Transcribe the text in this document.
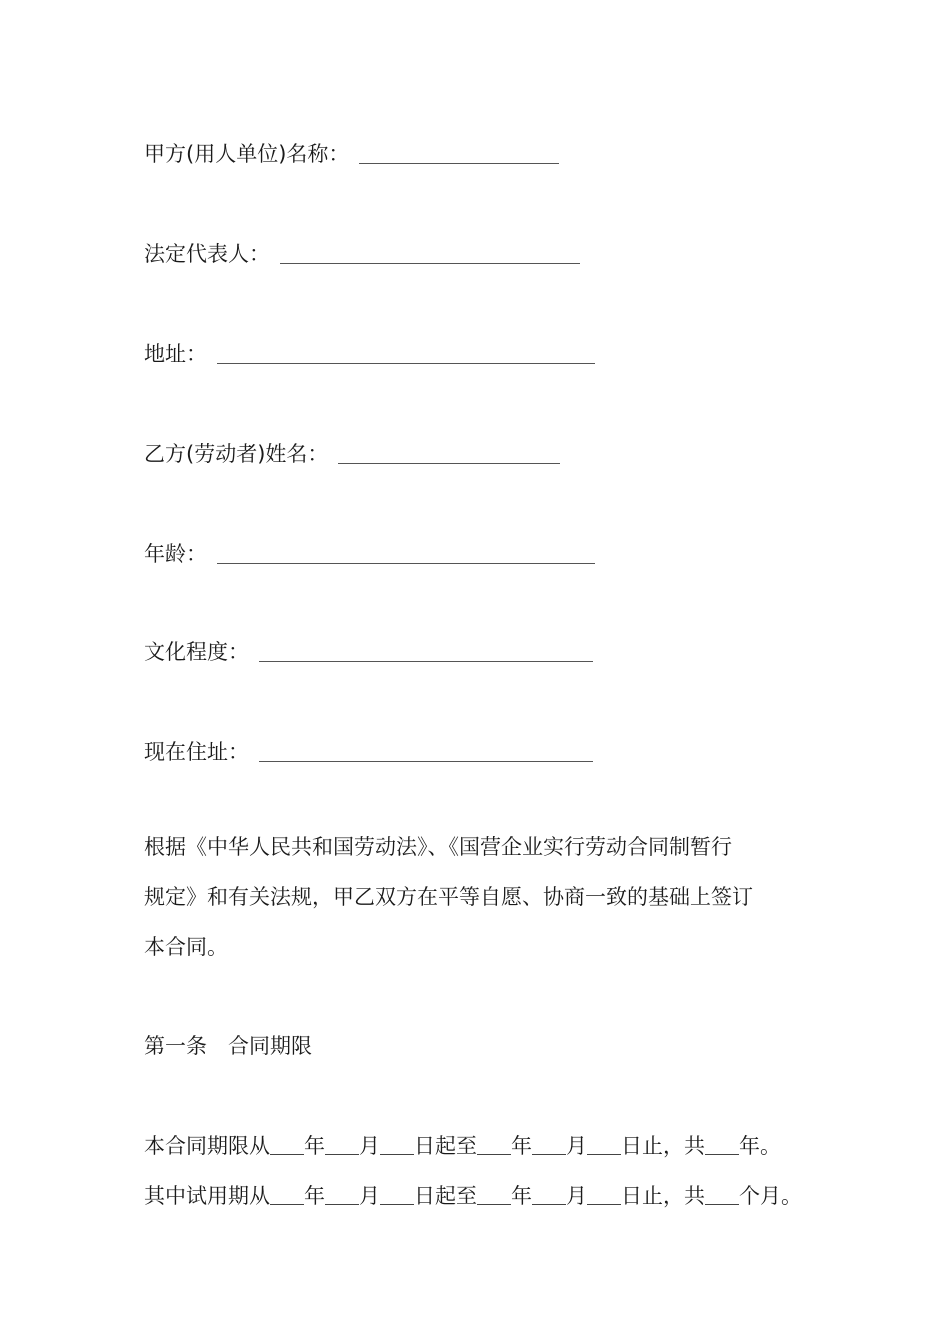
甲方(用人单位)名称：
法定代表人：
地址：
乙方(劳动者)姓名：
年龄：
文化程度：
现在住址：
根据《中华人民共和国劳动法》、《国营企业实行劳动合同制暂行
规定》和有关法规，甲乙双方在平等自愿、协商一致的基础上签订
本合同。
第一条　合同期限
本合同期限从 年 月 日起至 年 月 日止，共 年。
其中试用期从 年 月 日起至 年 月 日止，共 个月。
